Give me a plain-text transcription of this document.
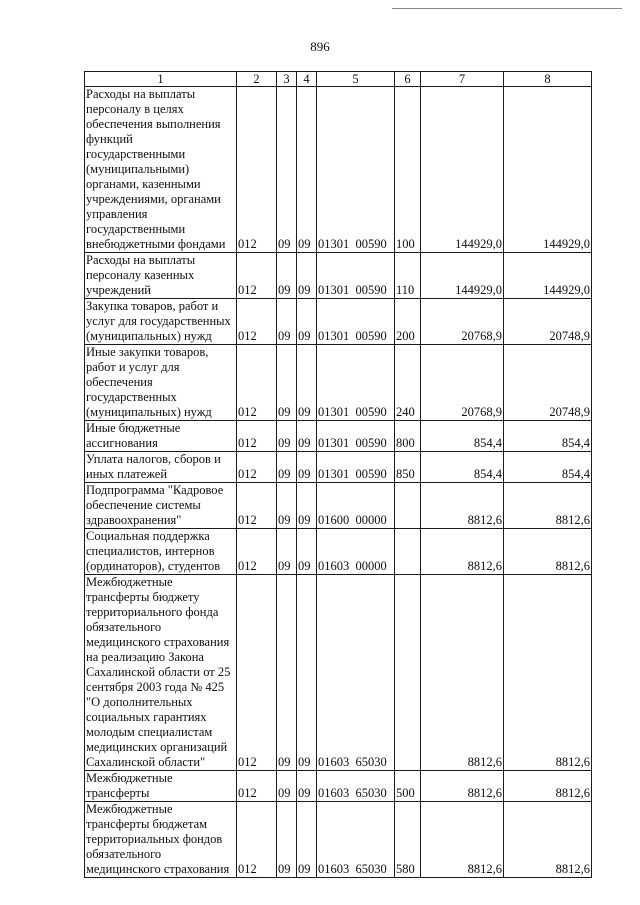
896
1	2	3	4	5	6	7	8
Расходы на выплаты персоналу в целях обеспечения выполнения функций государственными (муниципальными) органами, казенными учреждениями, органами управления государственными внебюджетными фондами	012	09	09	01301  00590	100	144929,0	144929,0
Расходы на выплаты персоналу казенных учреждений	012	09	09	01301  00590	110	144929,0	144929,0
Закупка товаров, работ и услуг для государственных (муниципальных) нужд	012	09	09	01301  00590	200	20768,9	20748,9
Иные закупки товаров, работ и услуг для обеспечения государственных (муниципальных) нужд	012	09	09	01301  00590	240	20768,9	20748,9
Иные бюджетные ассигнования	012	09	09	01301  00590	800	854,4	854,4
Уплата налогов, сборов и иных платежей	012	09	09	01301  00590	850	854,4	854,4
Подпрограмма "Кадровое обеспечение системы здравоохранения"	012	09	09	01600  00000		8812,6	8812,6
Социальная поддержка специалистов, интернов (ординаторов), студентов	012	09	09	01603  00000		8812,6	8812,6
Межбюджетные трансферты бюджету территориального фонда обязательного медицинского страхования на реализацию Закона Сахалинской области от 25 сентября 2003 года № 425 "О дополнительных социальных гарантиях молодым специалистам медицинских организаций Сахалинской области"	012	09	09	01603  65030		8812,6	8812,6
Межбюджетные трансферты	012	09	09	01603  65030	500	8812,6	8812,6
Межбюджетные трансферты бюджетам территориальных фондов обязательного медицинского страхования	012	09	09	01603  65030	580	8812,6	8812,6
